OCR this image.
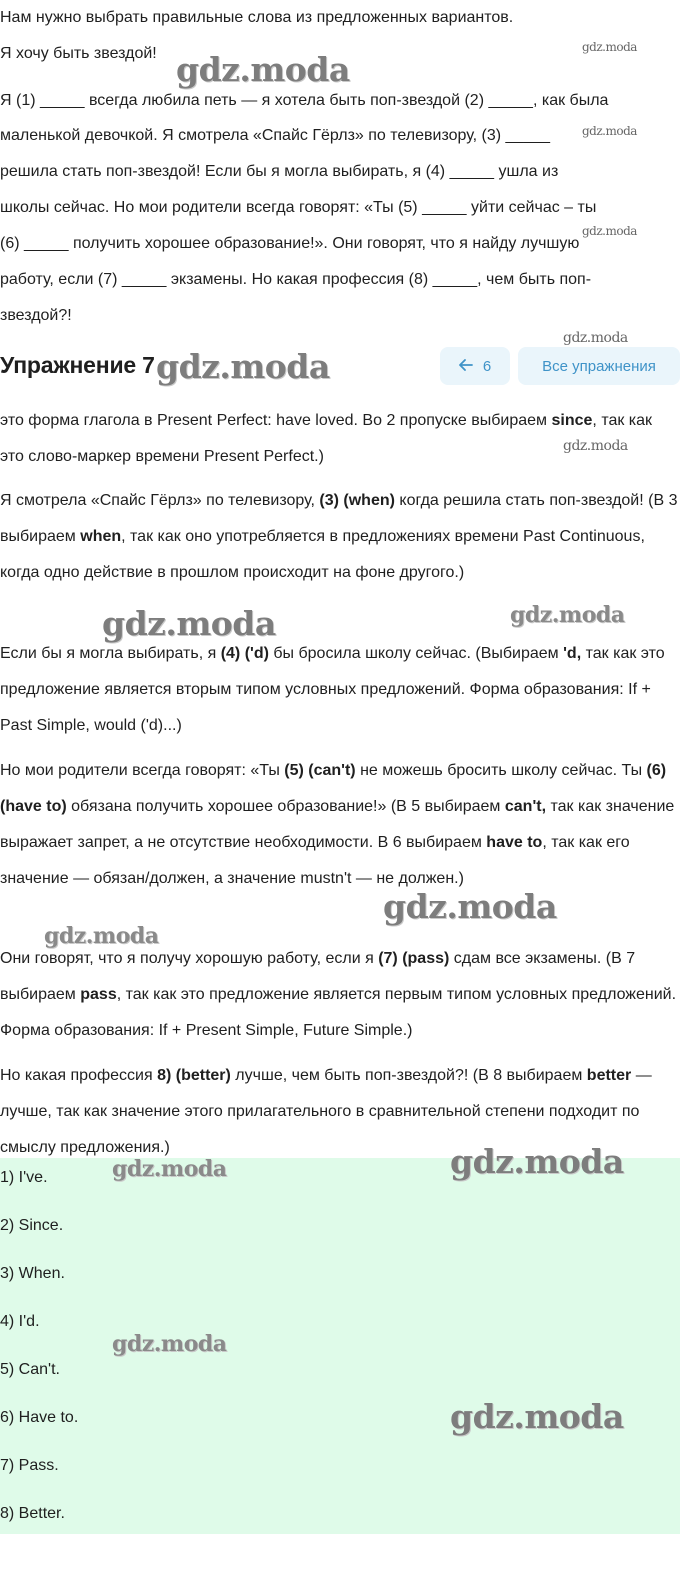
Нам нужно выбрать правильные слова из предложенных вариантов.

Я хочу быть звездой!

Я (1) _____ всегда любила петь — я хотела быть поп-звездой (2) _____, как была

маленькой девочкой. Я смотрела «Спайс Гёрлз» по телевизору, (3) _____

решила стать поп-звездой! Если бы я могла выбирать, я (4) _____ ушла из

школы сейчас. Но мои родители всегда говорят: «Ты (5) _____ уйти сейчас – ты

(6) _____ получить хорошее образование!». Они говорят, что я найду лучшую

работу, если (7) _____ экзамены. Но какая профессия (8) _____, чем быть поп-

звездой?!

Упражнение 7	6	Все упражнения

это форма глагола в Present Perfect: have loved. Во 2 пропуске выбираем since, так как это слово-маркер времени Present Perfect.)

Я смотрела «Спайс Гёрлз» по телевизору, (3) (when) когда решила стать поп-звездой! (В 3 выбираем when, так как оно употребляется в предложениях времени Past Continuous, когда одно действие в прошлом происходит на фоне другого.)

Если бы я могла выбирать, я (4) ('d) бы бросила школу сейчас. (Выбираем 'd, так как это предложение является вторым типом условных предложений. Форма образования: If + Past Simple, would ('d)...)

Но мои родители всегда говорят: «Ты (5) (can't) не можешь бросить школу сейчас. Ты (6) (have to) обязана получить хорошее образование!» (В 5 выбираем can't, так как значение выражает запрет, а не отсутствие необходимости. В 6 выбираем have to, так как его значение — обязан/должен, а значение mustn't — не должен.)

Они говорят, что я получу хорошую работу, если я (7) (pass) сдам все экзамены. (В 7 выбираем pass, так как это предложение является первым типом условных предложений. Форма образования: If + Present Simple, Future Simple.)

Но какая профессия 8) (better) лучше, чем быть поп-звездой?! (В 8 выбираем better — лучше, так как значение этого прилагательного в сравнительной степени подходит по смыслу предложения.)

1) I've.

2) Since.

3) When.

4) I'd.

5) Can't.

6) Have to.

7) Pass.

8) Better.

gdz.moda
gdz.moda
gdz.moda
gdz.moda
gdz.moda
gdz.moda
gdz.moda
gdz.moda	gdz.moda
gdz.moda
gdz.moda
gdz.moda
gdz.moda
gdz.moda
gdz.moda
